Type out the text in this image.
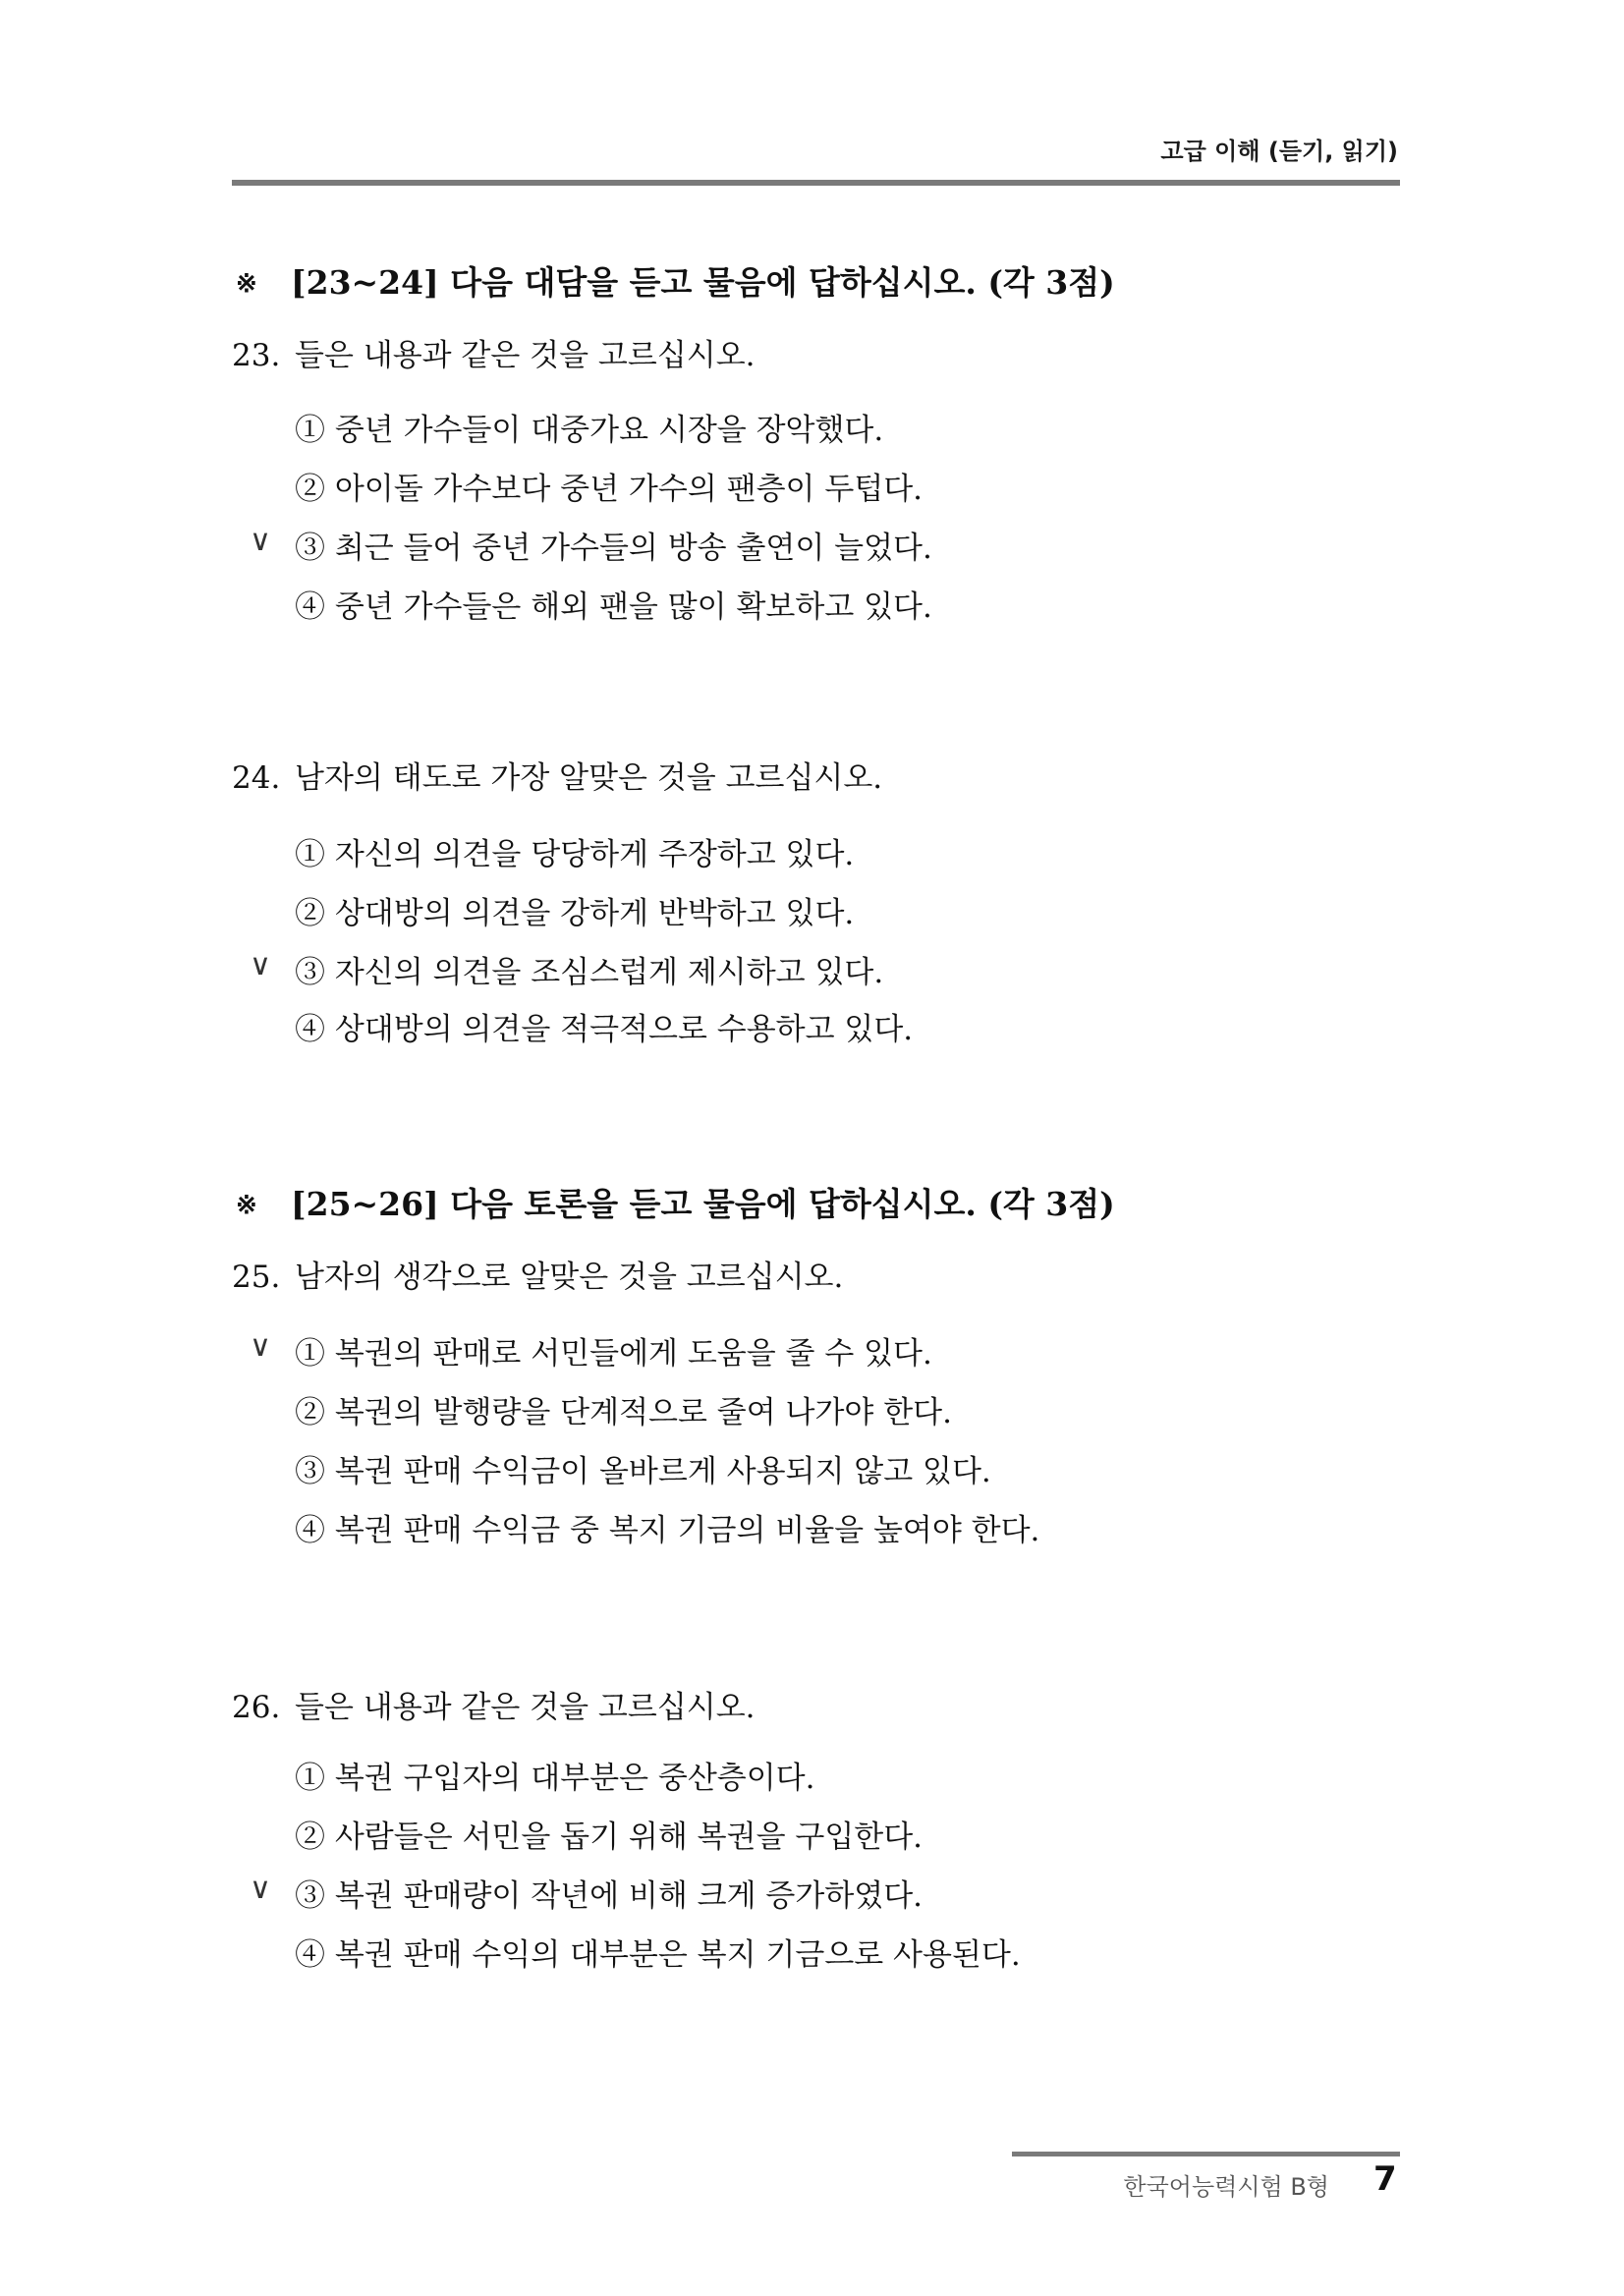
고급 이해 (듣기, 읽기)
※ [23~24] 다음 대담을 듣고 물음에 답하십시오. (각 3점)
23. 들은 내용과 같은 것을 고르십시오.
① 중년 가수들이 대중가요 시장을 장악했다.
② 아이돌 가수보다 중년 가수의 팬층이 두텁다.
∨ ③ 최근 들어 중년 가수들의 방송 출연이 늘었다.
④ 중년 가수들은 해외 팬을 많이 확보하고 있다.
24. 남자의 태도로 가장 알맞은 것을 고르십시오.
① 자신의 의견을 당당하게 주장하고 있다.
② 상대방의 의견을 강하게 반박하고 있다.
∨ ③ 자신의 의견을 조심스럽게 제시하고 있다.
④ 상대방의 의견을 적극적으로 수용하고 있다.
※ [25~26] 다음 토론을 듣고 물음에 답하십시오. (각 3점)
25. 남자의 생각으로 알맞은 것을 고르십시오.
∨ ① 복권의 판매로 서민들에게 도움을 줄 수 있다.
② 복권의 발행량을 단계적으로 줄여 나가야 한다.
③ 복권 판매 수익금이 올바르게 사용되지 않고 있다.
④ 복권 판매 수익금 중 복지 기금의 비율을 높여야 한다.
26. 들은 내용과 같은 것을 고르십시오.
① 복권 구입자의 대부분은 중산층이다.
② 사람들은 서민을 돕기 위해 복권을 구입한다.
∨ ③ 복권 판매량이 작년에 비해 크게 증가하였다.
④ 복권 판매 수익의 대부분은 복지 기금으로 사용된다.
한국어능력시험 B형 7
